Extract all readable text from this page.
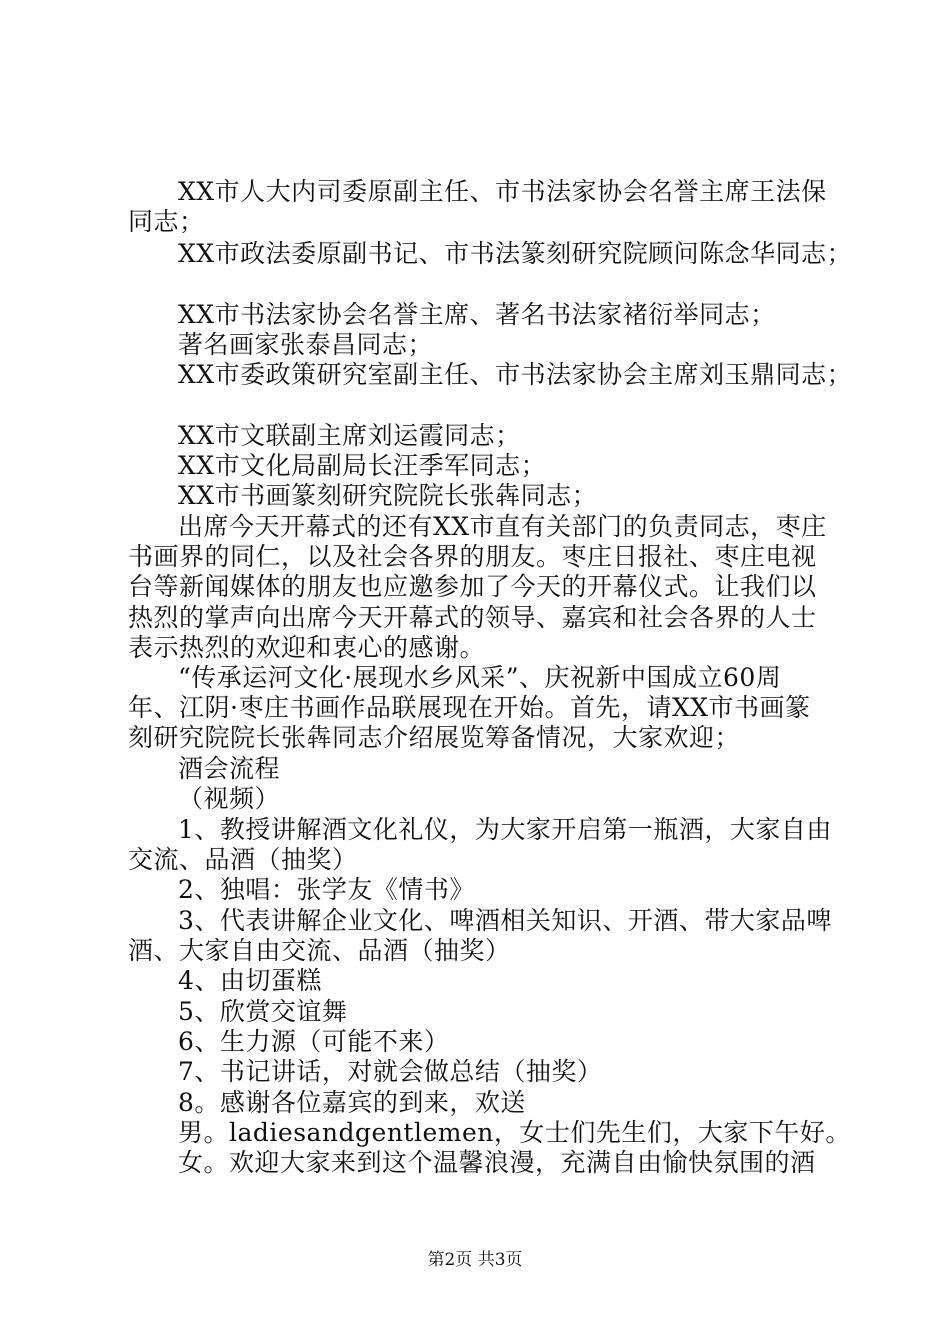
XX市人大内司委原副主任、市书法家协会名誉主席王法保
同志；
XX市政法委原副书记、市书法篆刻研究院顾问陈念华同志；
XX市书法家协会名誉主席、著名书法家褚衍举同志；
著名画家张泰昌同志；
XX市委政策研究室副主任、市书法家协会主席刘玉鼎同志；
XX市文联副主席刘运霞同志；
XX市文化局副局长汪季军同志；
XX市书画篆刻研究院院长张犇同志；
出席今天开幕式的还有XX市直有关部门的负责同志，枣庄
书画界的同仁，以及社会各界的朋友。枣庄日报社、枣庄电视
台等新闻媒体的朋友也应邀参加了今天的开幕仪式。让我们以
热烈的掌声向出席今天开幕式的领导、嘉宾和社会各界的人士
表示热烈的欢迎和衷心的感谢。
“传承运河文化·展现水乡风采”、庆祝新中国成立60周
年、江阴·枣庄书画作品联展现在开始。首先，请XX市书画篆
刻研究院院长张犇同志介绍展览筹备情况，大家欢迎；
酒会流程
（视频）
1、教授讲解酒文化礼仪，为大家开启第一瓶酒，大家自由
交流、品酒（抽奖）
2、独唱：张学友《情书》
3、代表讲解企业文化、啤酒相关知识、开酒、带大家品啤
酒、大家自由交流、品酒（抽奖）
4、由切蛋糕
5、欣赏交谊舞
6、生力源（可能不来）
7、书记讲话，对就会做总结（抽奖）
8。感谢各位嘉宾的到来，欢送
男。ladiesandgentlemen，女士们先生们，大家下午好。
女。欢迎大家来到这个温馨浪漫，充满自由愉快氛围的酒
第2页 共3页
